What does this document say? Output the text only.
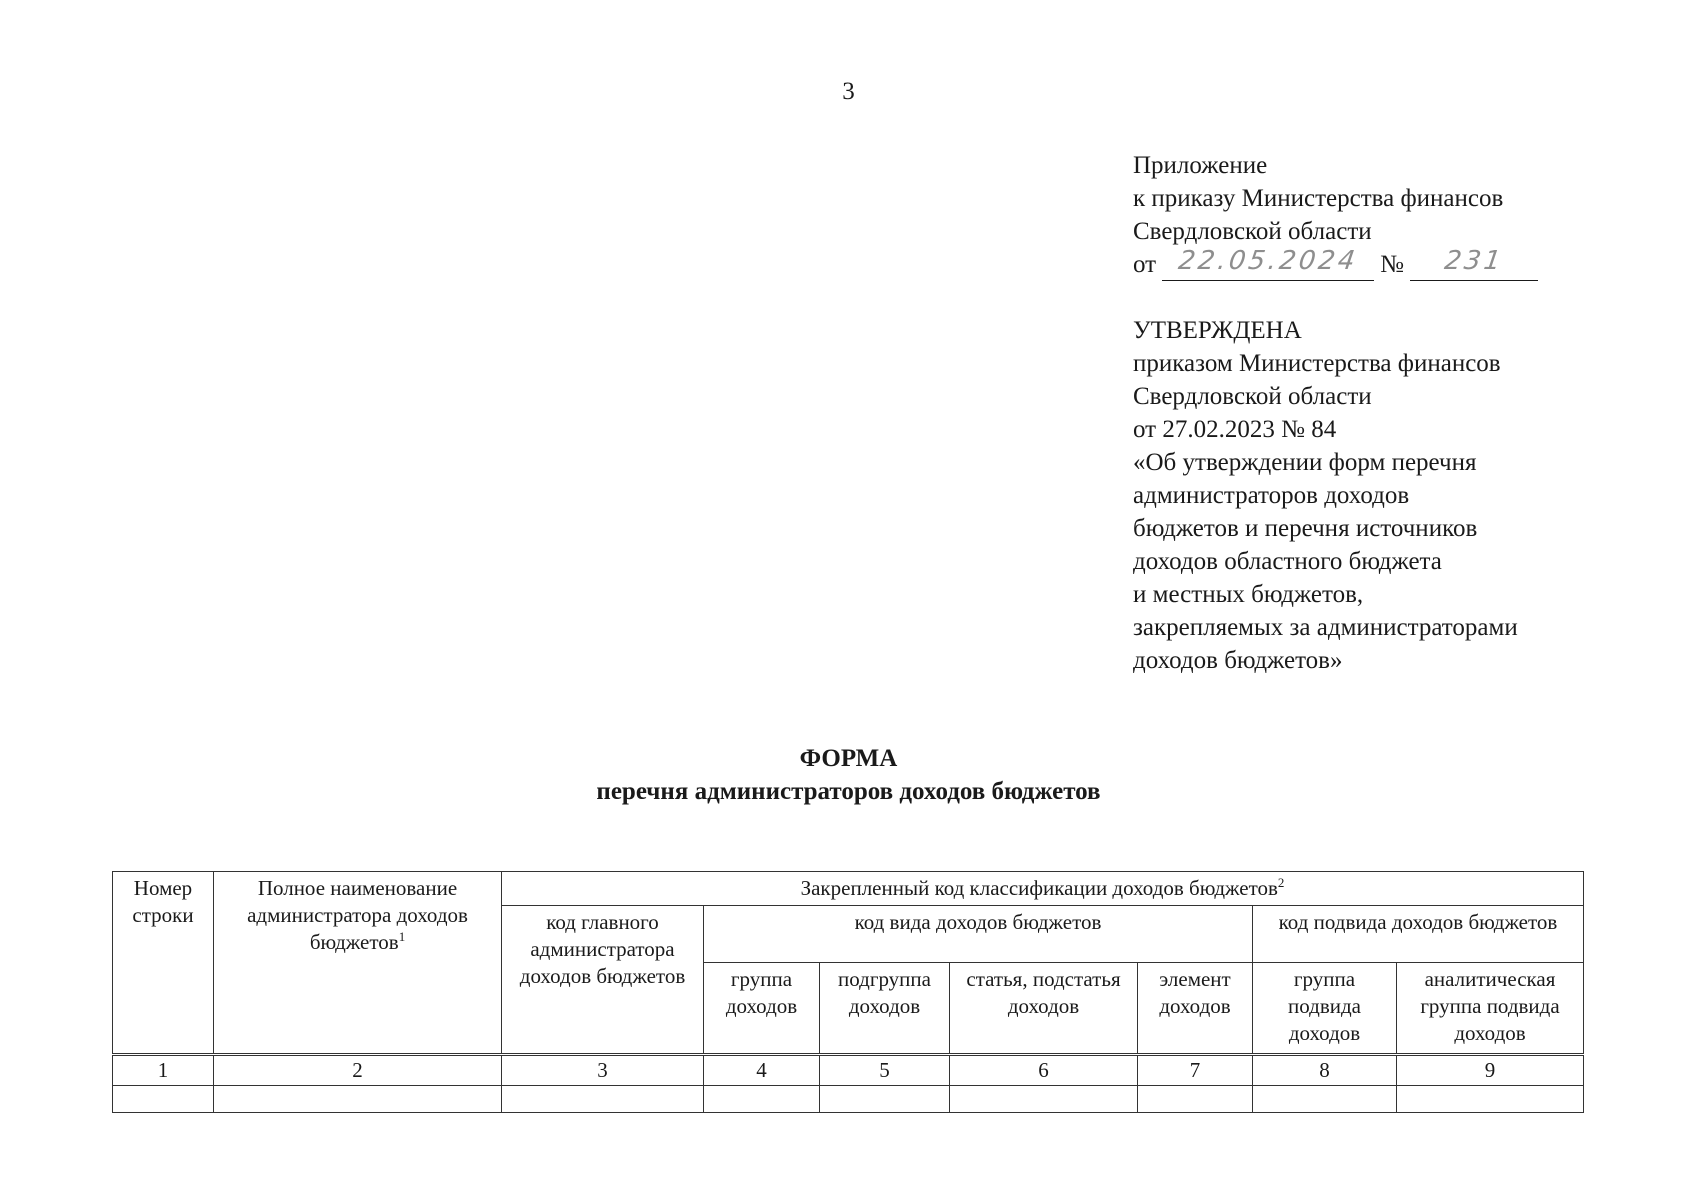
3
Приложение
к приказу Министерства финансов
Свердловской области
от 22.05.2024 №	231
УТВЕРЖДЕНА
приказом Министерства финансов
Свердловской области
от 27.02.2023 № 84
«Об утверждении форм перечня
администраторов доходов
бюджетов и перечня источников
доходов областного бюджета
и местных бюджетов,
закрепляемых за администраторами
доходов бюджетов»
ФОРМА
перечня администраторов доходов бюджетов
Номер строки	Полное наименование администратора доходов бюджетов$^1$	Закрепленный код классификации доходов бюджетов$^2$
		код главного администратора доходов бюджетов	код вида доходов бюджетов				код подвида доходов бюджетов	
			группа доходов	подгруппа доходов	статья, подстатья доходов	элемент доходов	группа подвида доходов	аналитическая группа подвида доходов
1	2	3	4	5	6	7	8	9
